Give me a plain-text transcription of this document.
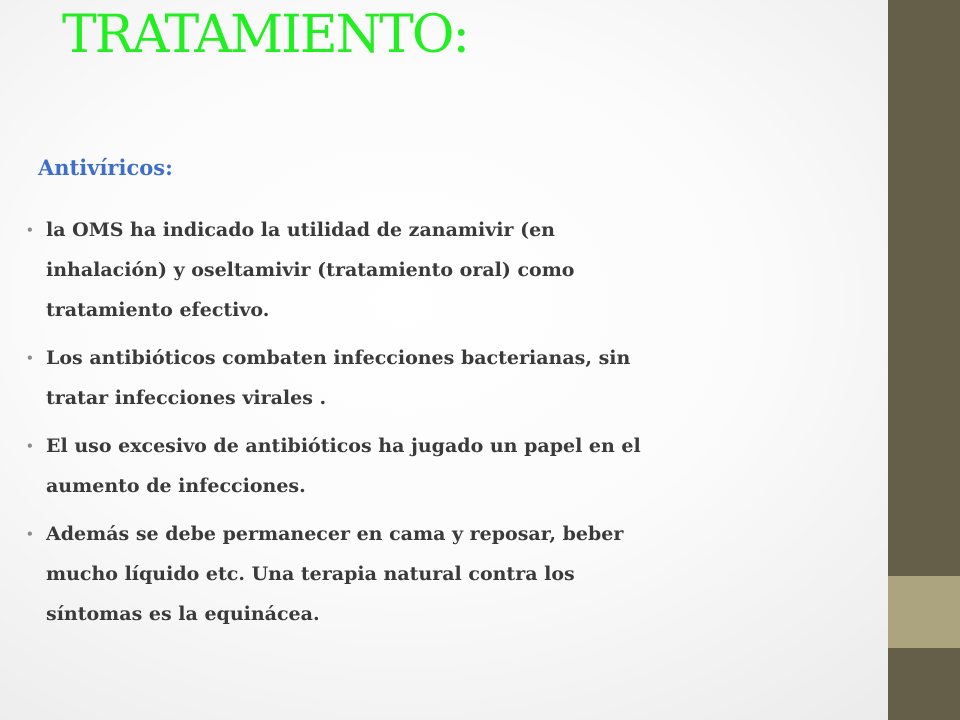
TRATAMIENTO:
Antivíricos:
• la OMS ha indicado la utilidad de zanamivir (en
inhalación) y oseltamivir (tratamiento oral) como
tratamiento efectivo.
• Los antibióticos combaten infecciones bacterianas, sin
tratar infecciones virales .
• El uso excesivo de antibióticos ha jugado un papel en el
aumento de infecciones.
• Además se debe permanecer en cama y reposar, beber
mucho líquido etc. Una terapia natural contra los
síntomas es la equinácea.
